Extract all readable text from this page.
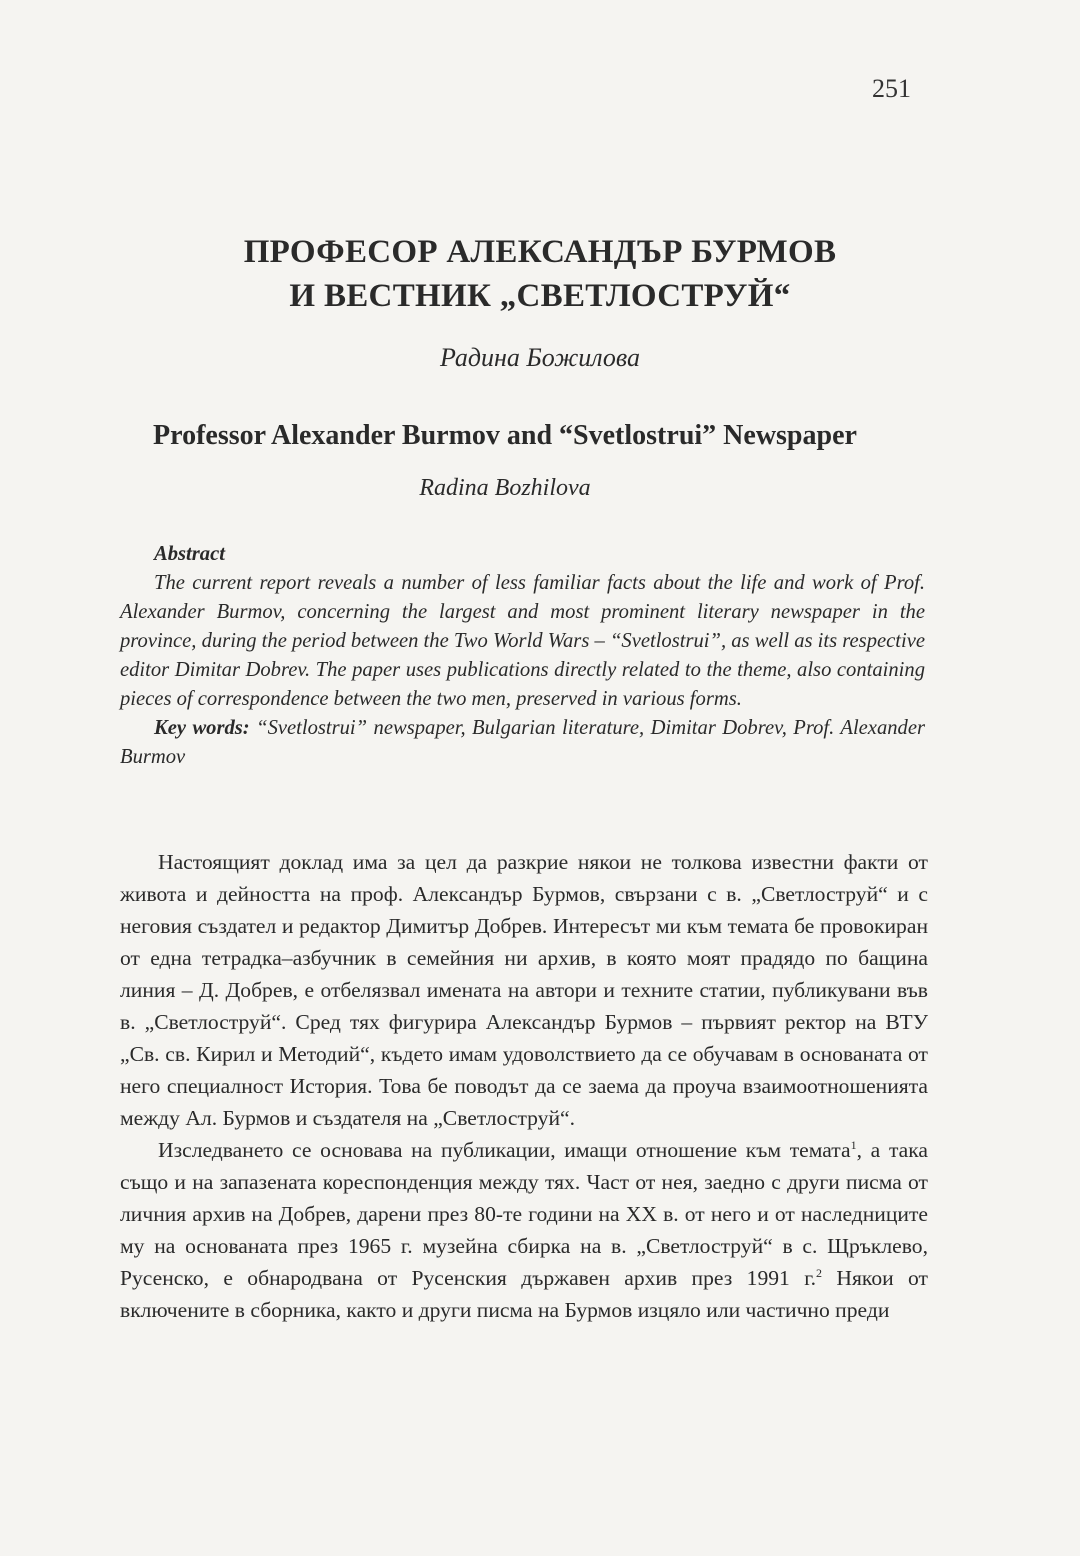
251
ПРОФЕСОР АЛЕКСАНДЪР БУРМОВ
И ВЕСТНИК „СВЕТЛОСТРУЙ“
Радина Божилова
Professor Alexander Burmov and “Svetlostrui” Newspaper
Radina Bozhilova
Abstract

The current report reveals a number of less familiar facts about the life and work of Prof. Alexander Burmov, concerning the largest and most prominent literary newspaper in the province, during the period between the Two World Wars – “Svetlostrui”, as well as its respective editor Dimitar Dobrev. The paper uses publications directly related to the theme, also containing pieces of correspondence between the two men, preserved in various forms.

Key words: “Svetlostrui” newspaper, Bulgarian literature, Dimitar Dobrev, Prof. Alexander Burmov

Настоящият доклад има за цел да разкрие някои не толкова известни факти от живота и дейността на проф. Александър Бурмов, свързани с в. „Светлоструй“ и с неговия създател и редактор Димитър Добрев. Интересът ми към темата бе провокиран от една тетрадка–азбучник в семейния ни архив, в която моят прадядо по бащина линия – Д. Добрев, е отбелязвал имената на автори и техните статии, публикувани във в. „Светлоструй“. Сред тях фигурира Александър Бурмов – първият ректор на ВТУ „Св. св. Кирил и Методий“, където имам удоволствието да се обучавам в основаната от него специалност История. Това бе поводът да се заема да проуча взаимоотношенията между Ал. Бурмов и създателя на „Светлоструй“.

Изследването се основава на публикации, имащи отношение към темата$^1$, а така също и на запазената кореспонденция между тях. Част от нея, заедно с други писма от личния архив на Добрев, дарени през 80-те години на XX в. от него и от наследниците му на основаната през 1965 г. музейна сбирка на в. „Светлоструй“ в с. Щръклево, Русенско, е обнародвана от Русенския държавен архив през 1991 г.$^2$ Някои от включените в сборника, както и други писма на Бурмов изцяло или частично преди
